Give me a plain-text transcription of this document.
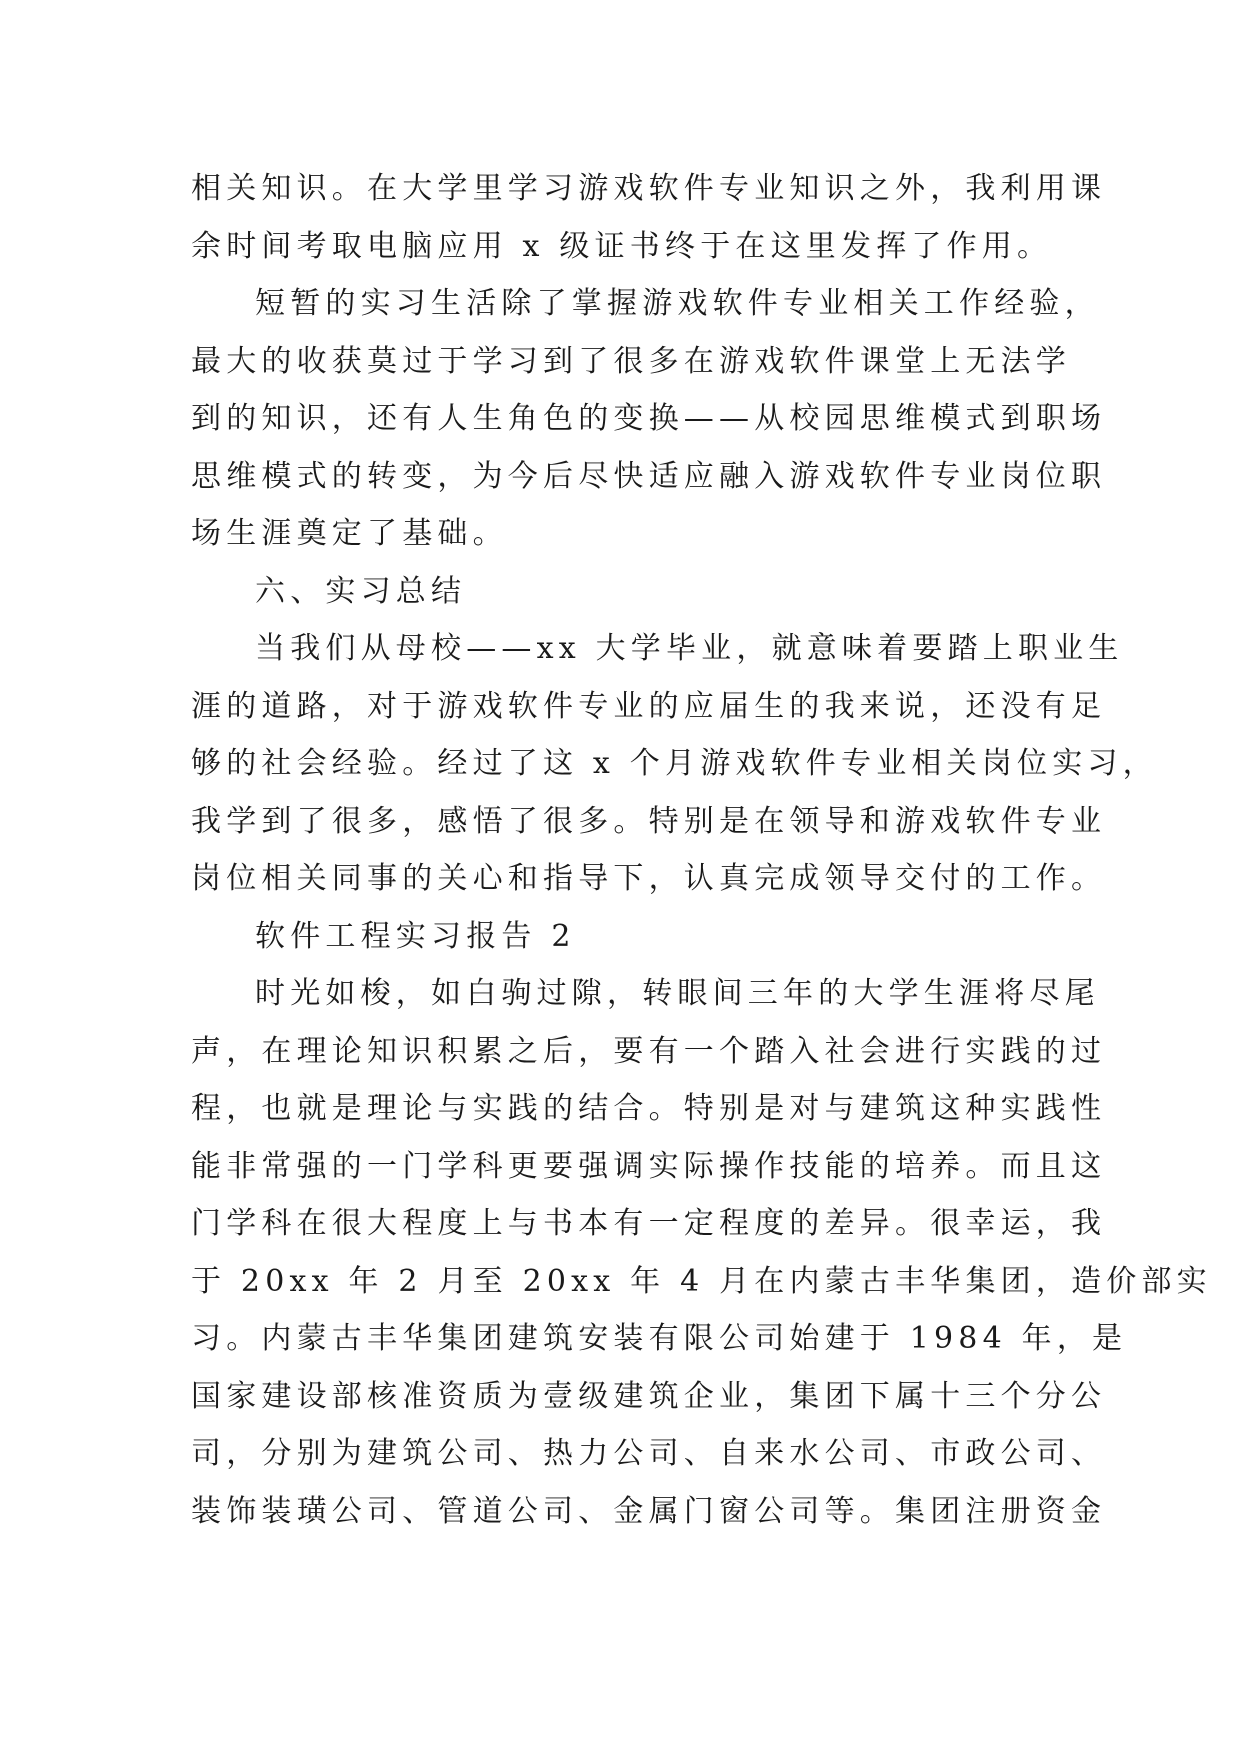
相关知识。在大学里学习游戏软件专业知识之外，我利用课
余时间考取电脑应用 x 级证书终于在这里发挥了作用。
短暂的实习生活除了掌握游戏软件专业相关工作经验，
最大的收获莫过于学习到了很多在游戏软件课堂上无法学
到的知识，还有人生角色的变换——从校园思维模式到职场
思维模式的转变，为今后尽快适应融入游戏软件专业岗位职
场生涯奠定了基础。
六、实习总结
当我们从母校——xx 大学毕业，就意味着要踏上职业生
涯的道路，对于游戏软件专业的应届生的我来说，还没有足
够的社会经验。经过了这 x 个月游戏软件专业相关岗位实习，
我学到了很多，感悟了很多。特别是在领导和游戏软件专业
岗位相关同事的关心和指导下，认真完成领导交付的工作。
软件工程实习报告 2
时光如梭，如白驹过隙，转眼间三年的大学生涯将尽尾
声，在理论知识积累之后，要有一个踏入社会进行实践的过
程，也就是理论与实践的结合。特别是对与建筑这种实践性
能非常强的一门学科更要强调实际操作技能的培养。而且这
门学科在很大程度上与书本有一定程度的差异。很幸运，我
于 20xx 年 2 月至 20xx 年 4 月在内蒙古丰华集团，造价部实
习。内蒙古丰华集团建筑安装有限公司始建于 1984 年，是
国家建设部核准资质为壹级建筑企业，集团下属十三个分公
司，分别为建筑公司、热力公司、自来水公司、市政公司、
装饰装璜公司、管道公司、金属门窗公司等。集团注册资金
